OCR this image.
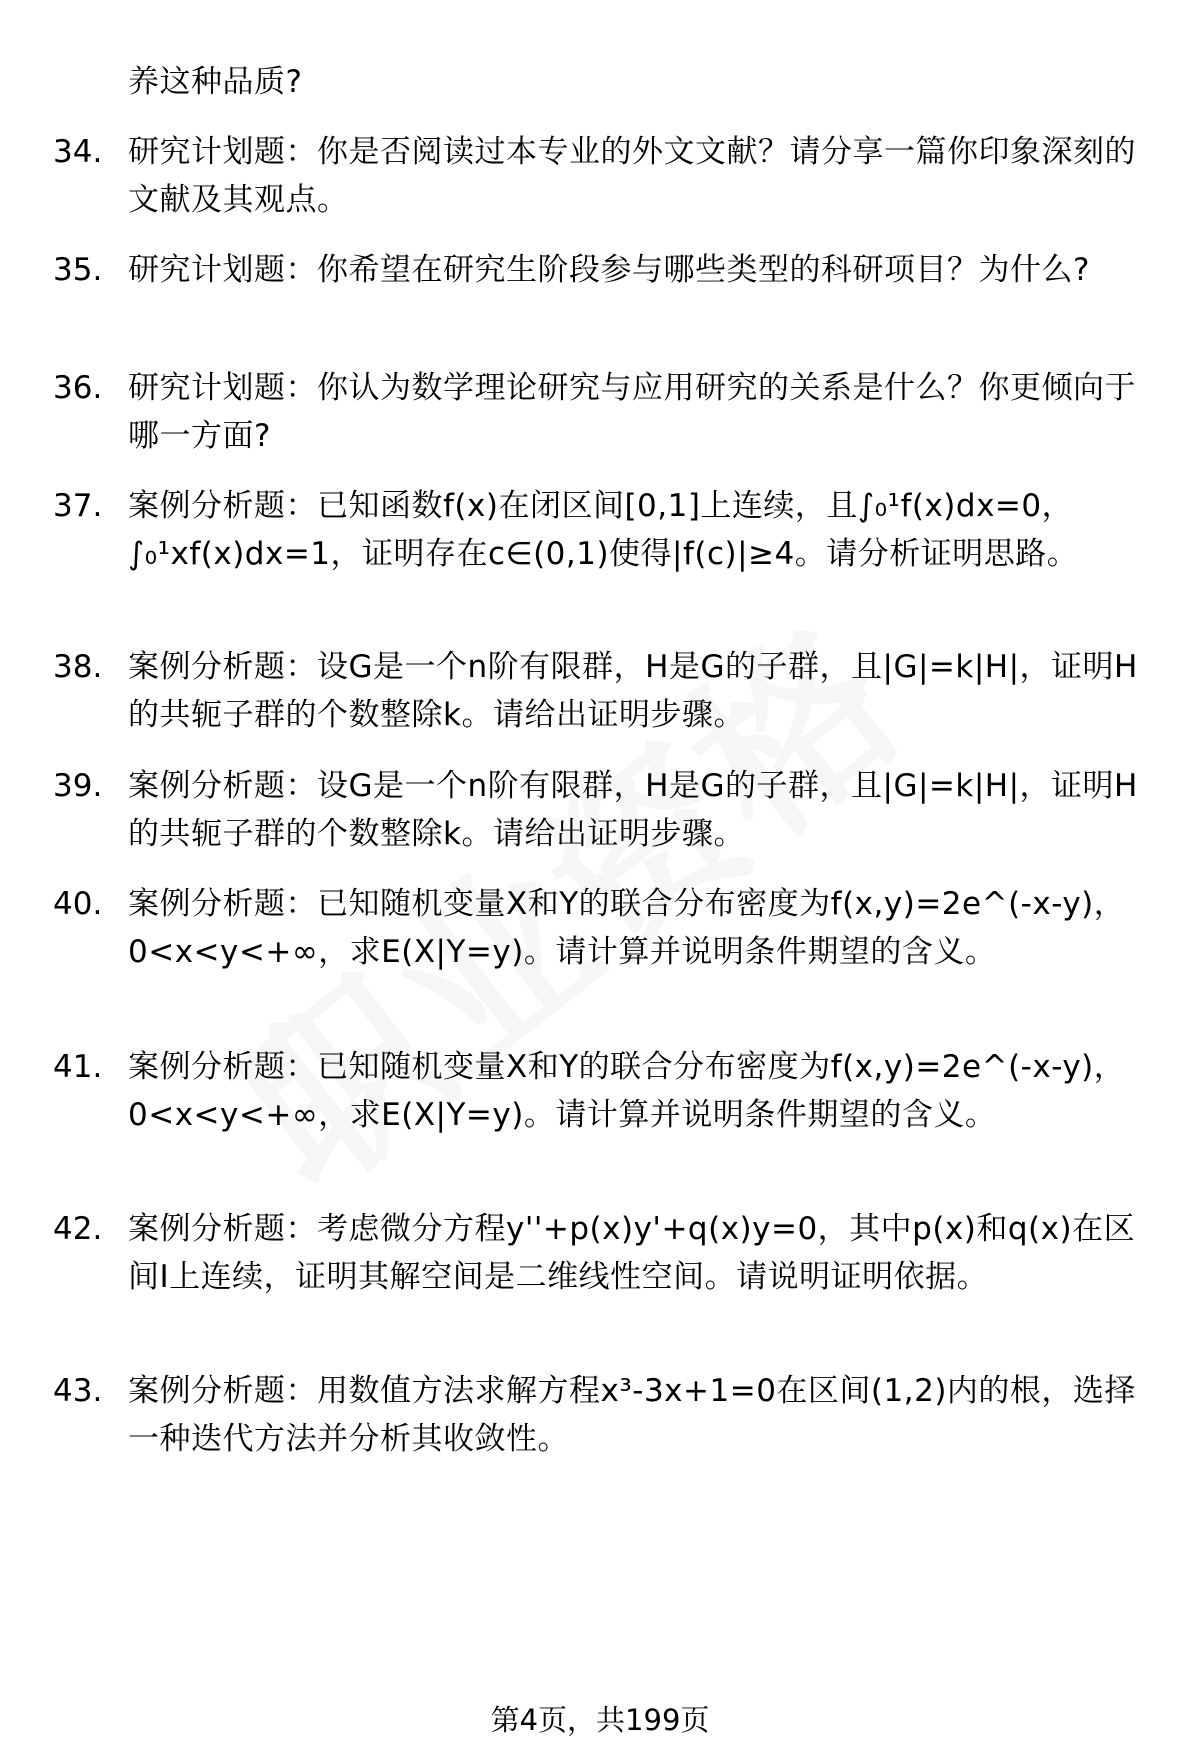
养这种品质?
34. 研究计划题：你是否阅读过本专业的外文文献？请分享一篇你印象深刻的文献及其观点。
35. 研究计划题：你希望在研究生阶段参与哪些类型的科研项目？为什么?
36. 研究计划题：你认为数学理论研究与应用研究的关系是什么？你更倾向于哪一方面?
37. 案例分析题：已知函数f(x)在闭区间[0,1]上连续，且∫₀¹f(x)dx=0，∫₀¹xf(x)dx=1，证明存在c∈(0,1)使得|f(c)|≥4。请分析证明思路。
38. 案例分析题：设G是一个n阶有限群，H是G的子群，且|G|=k|H|，证明H的共轭子群的个数整除k。请给出证明步骤。
39. 案例分析题：设G是一个n阶有限群，H是G的子群，且|G|=k|H|，证明H的共轭子群的个数整除k。请给出证明步骤。
40. 案例分析题：已知随机变量X和Y的联合分布密度为f(x,y)=2e^(-x-y)，0<x<y<+∞，求E(X|Y=y)。请计算并说明条件期望的含义。
41. 案例分析题：已知随机变量X和Y的联合分布密度为f(x,y)=2e^(-x-y)，0<x<y<+∞，求E(X|Y=y)。请计算并说明条件期望的含义。
42. 案例分析题：考虑微分方程y''+p(x)y'+q(x)y=0，其中p(x)和q(x)在区间I上连续，证明其解空间是二维线性空间。请说明证明依据。
43. 案例分析题：用数值方法求解方程x³-3x+1=0在区间(1,2)内的根，选择一种迭代方法并分析其收敛性。
第4页，共199页
